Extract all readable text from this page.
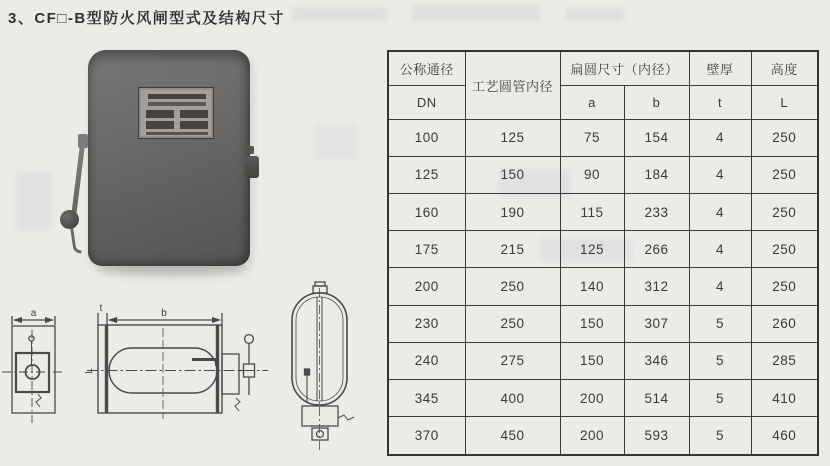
3、CF□-B型防火风闸型式及结构尺寸
a	t	b
L
公称通径	工艺圆管内径	扁圆尺寸（内径）		壁厚	高度
DN		a	b	t	L
100	125	75	154	4	250
125	150	90	184	4	250
160	190	115	233	4	250
175	215	125	266	4	250
200	250	140	312	4	250
230	250	150	307	5	260
240	275	150	346	5	285
345	400	200	514	5	410
370	450	200	593	5	460
